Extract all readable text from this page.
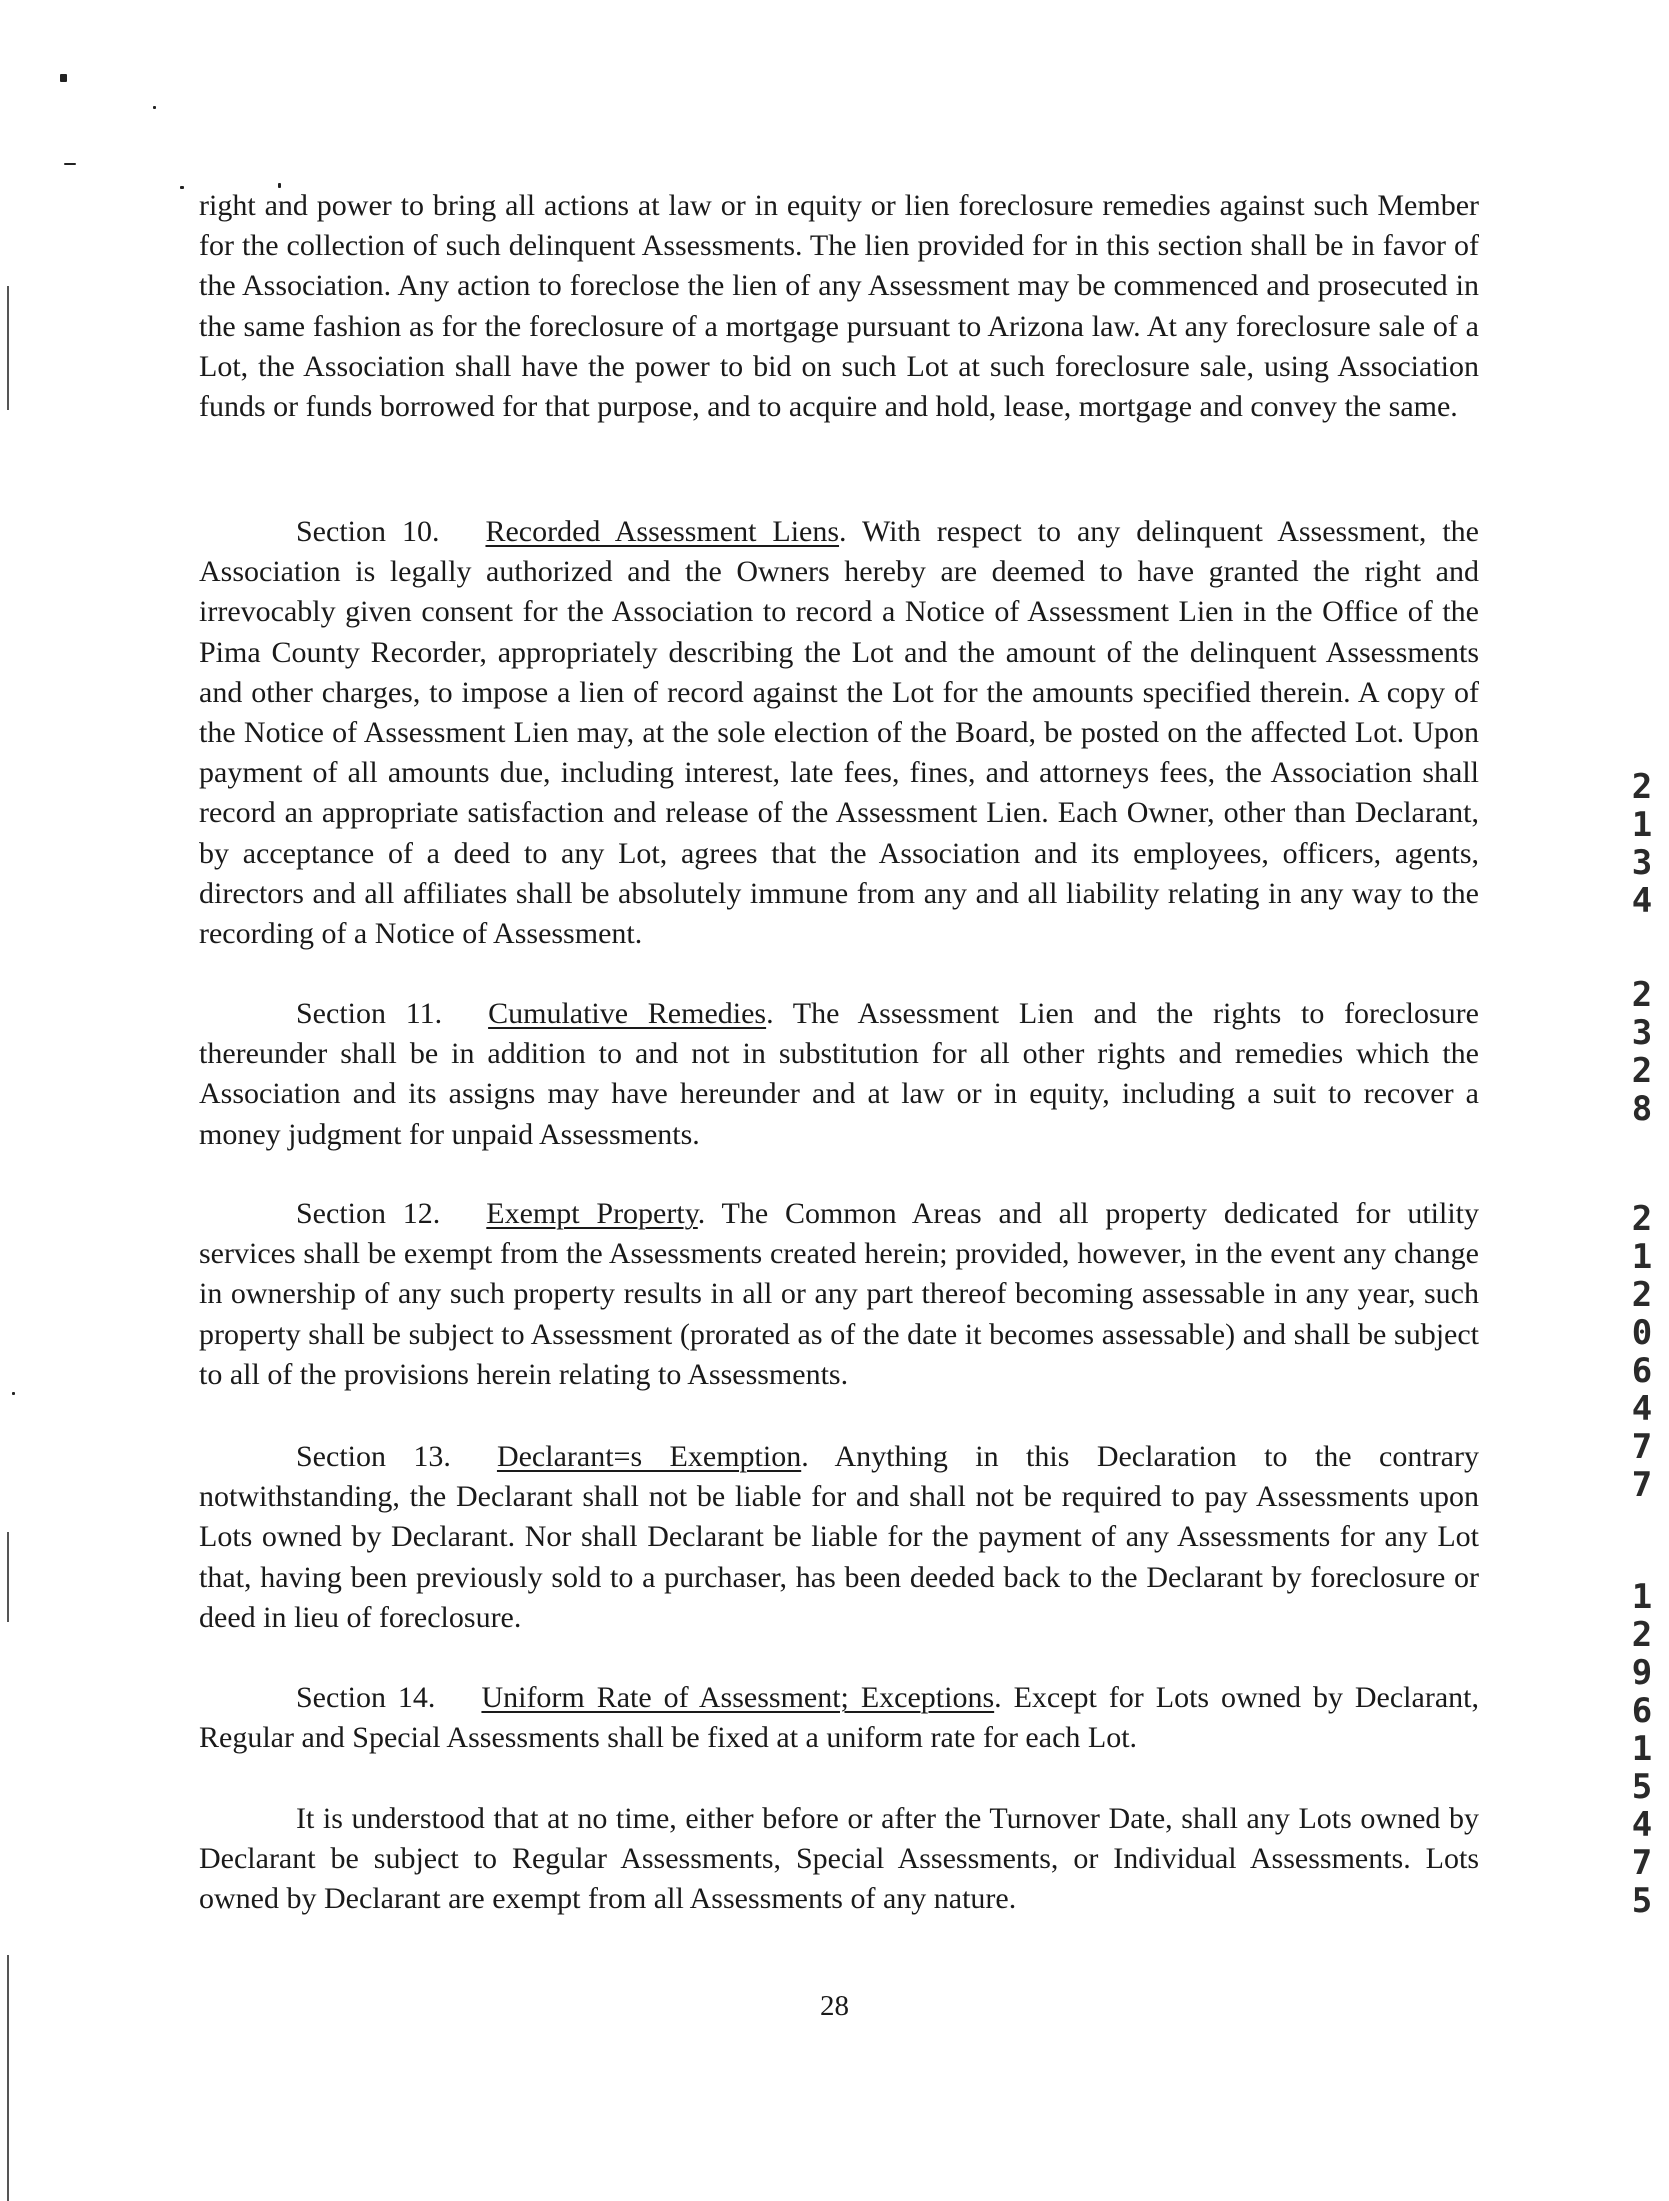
right and power to bring all actions at law or in equity or lien foreclosure remedies against such Member for the collection of such delinquent Assessments. The lien provided for in this section shall be in favor of the Association. Any action to foreclose the lien of any Assessment may be commenced and prosecuted in the same fashion as for the foreclosure of a mortgage pursuant to Arizona law. At any foreclosure sale of a Lot, the Association shall have the power to bid on such Lot at such foreclosure sale, using Association funds or funds borrowed for that purpose, and to acquire and hold, lease, mortgage and convey the same.

Section 10. Recorded Assessment Liens. With respect to any delinquent Assessment, the Association is legally authorized and the Owners hereby are deemed to have granted the right and irrevocably given consent for the Association to record a Notice of Assessment Lien in the Office of the Pima County Recorder, appropriately describing the Lot and the amount of the delinquent Assessments and other charges, to impose a lien of record against the Lot for the amounts specified therein. A copy of the Notice of Assessment Lien may, at the sole election of the Board, be posted on the affected Lot. Upon payment of all amounts due, including interest, late fees, fines, and attorneys fees, the Association shall record an appropriate satisfaction and release of the Assessment Lien. Each Owner, other than Declarant, by acceptance of a deed to any Lot, agrees that the Association and its employees, officers, agents, directors and all affiliates shall be absolutely immune from any and all liability relating in any way to the recording of a Notice of Assessment.

Section 11. Cumulative Remedies. The Assessment Lien and the rights to foreclosure thereunder shall be in addition to and not in substitution for all other rights and remedies which the Association and its assigns may have hereunder and at law or in equity, including a suit to recover a money judgment for unpaid Assessments.

Section 12. Exempt Property. The Common Areas and all property dedicated for utility services shall be exempt from the Assessments created herein; provided, however, in the event any change in ownership of any such property results in all or any part thereof becoming assessable in any year, such property shall be subject to Assessment (prorated as of the date it becomes assessable) and shall be subject to all of the provisions herein relating to Assessments.

Section 13. Declarant=s Exemption. Anything in this Declaration to the contrary notwithstanding, the Declarant shall not be liable for and shall not be required to pay Assessments upon Lots owned by Declarant. Nor shall Declarant be liable for the payment of any Assessments for any Lot that, having been previously sold to a purchaser, has been deeded back to the Declarant by foreclosure or deed in lieu of foreclosure.

Section 14. Uniform Rate of Assessment; Exceptions. Except for Lots owned by Declarant, Regular and Special Assessments shall be fixed at a uniform rate for each Lot.

It is understood that at no time, either before or after the Turnover Date, shall any Lots owned by Declarant be subject to Regular Assessments, Special Assessments, or Individual Assessments. Lots owned by Declarant are exempt from all Assessments of any nature.

28

2
1
3
4
2
3
2
8
2
1
2
0
6
4
7
7
1
2
9
6
1
5
4
7
5
